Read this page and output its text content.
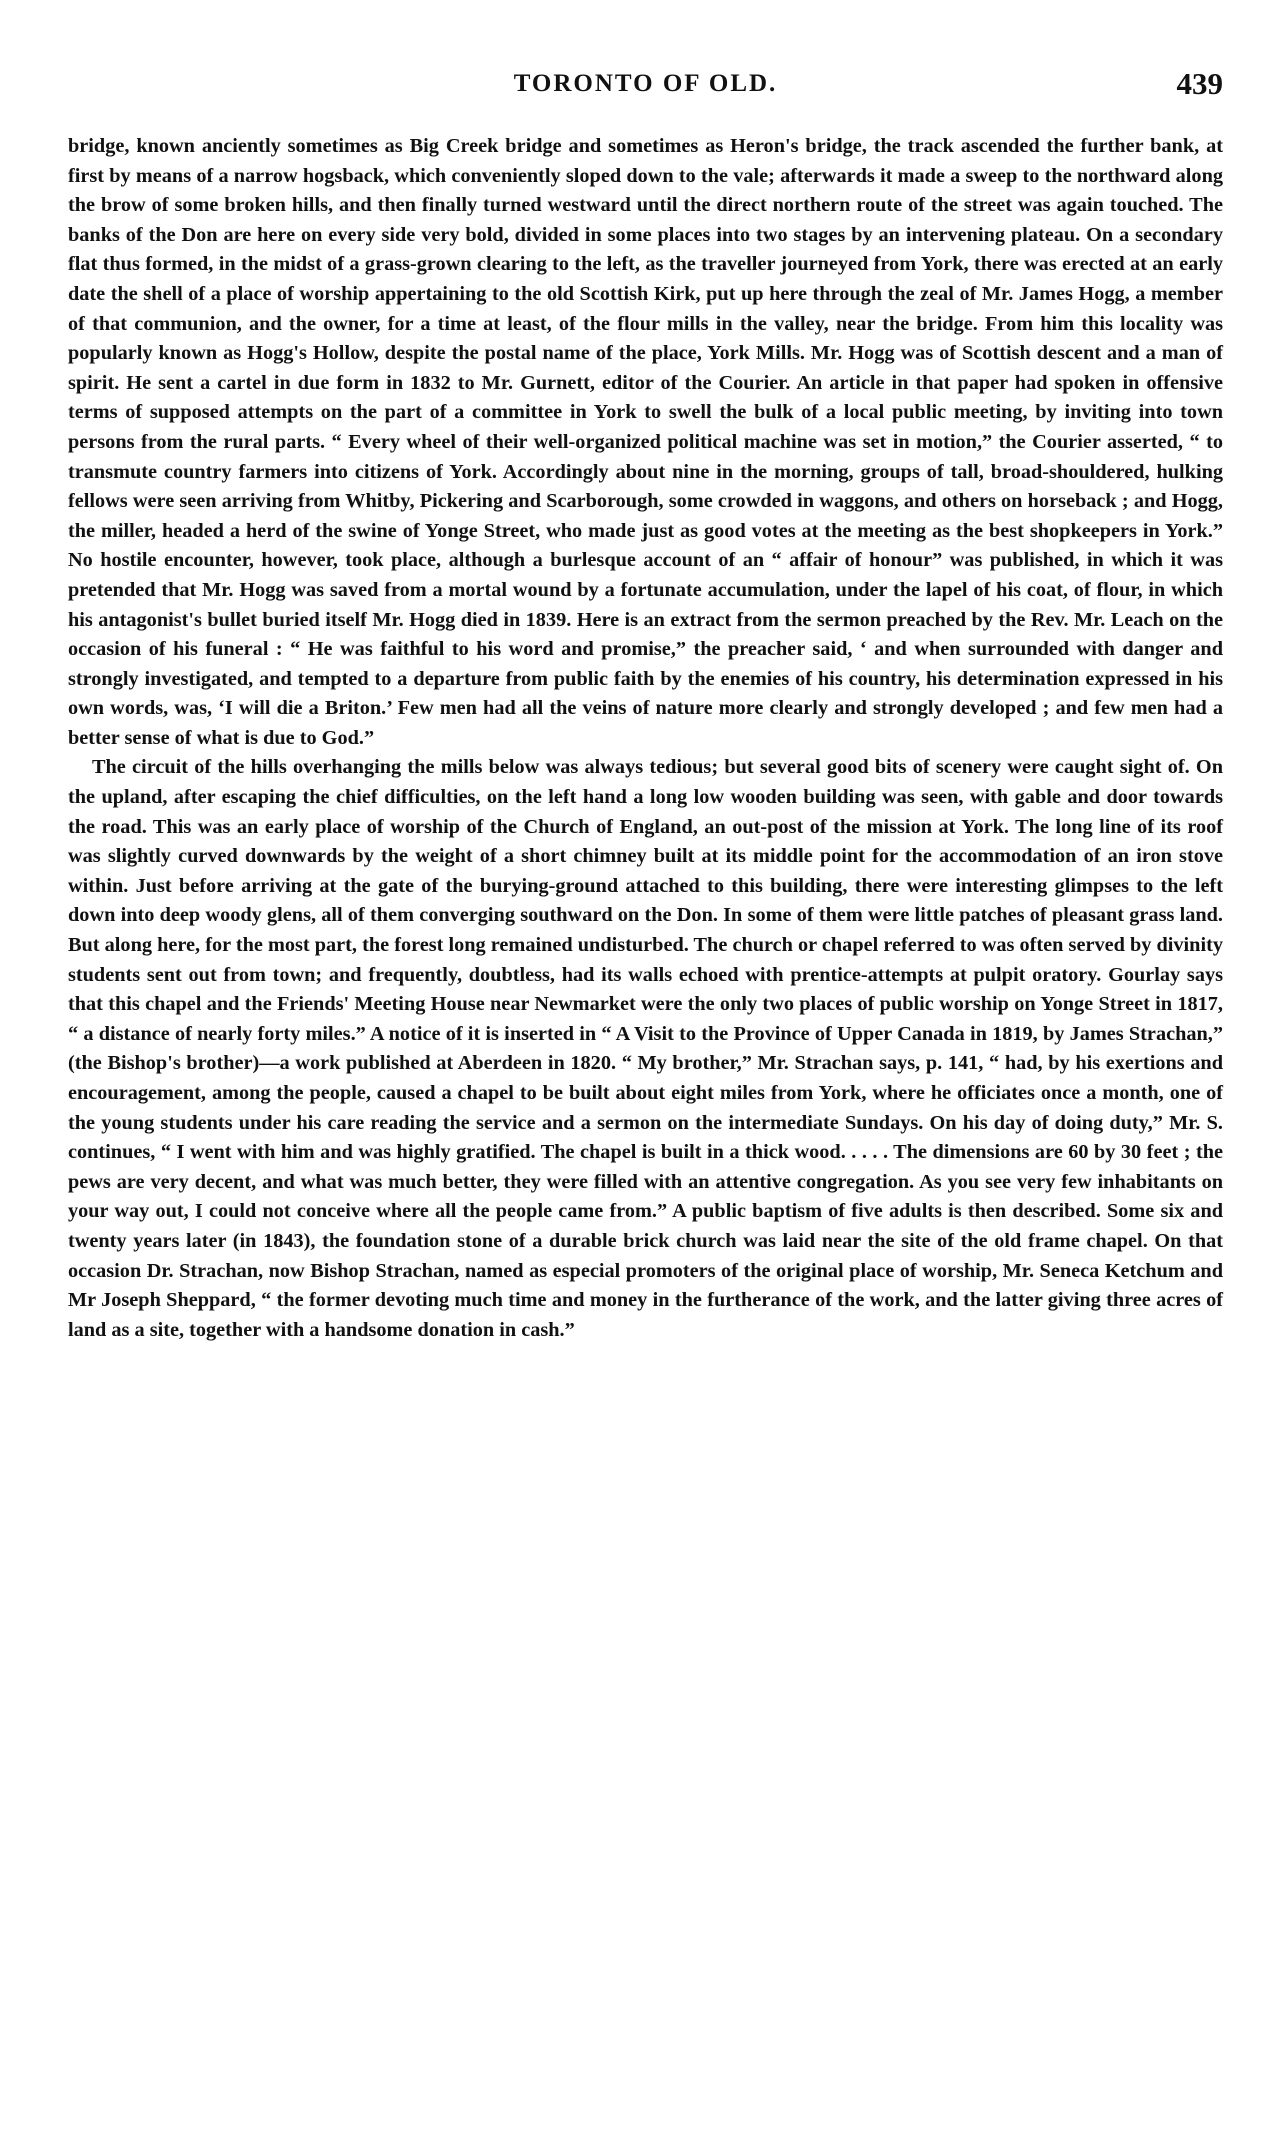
TORONTO OF OLD.	439

bridge, known anciently sometimes as Big Creek bridge and sometimes as Heron's bridge, the track ascended the further bank, at first by means of a narrow hogsback, which conveniently sloped down to the vale; afterwards it made a sweep to the northward along the brow of some broken hills, and then finally turned westward until the direct northern route of the street was again touched. The banks of the Don are here on every side very bold, divided in some places into two stages by an intervening plateau. On a secondary flat thus formed, in the midst of a grass-grown clearing to the left, as the traveller journeyed from York, there was erected at an early date the shell of a place of worship appertaining to the old Scottish Kirk, put up here through the zeal of Mr. James Hogg, a member of that communion, and the owner, for a time at least, of the flour mills in the valley, near the bridge. From him this locality was popularly known as Hogg's Hollow, despite the postal name of the place, York Mills. Mr. Hogg was of Scottish descent and a man of spirit. He sent a cartel in due form in 1832 to Mr. Gurnett, editor of the Courier. An article in that paper had spoken in offensive terms of supposed attempts on the part of a committee in York to swell the bulk of a local public meeting, by inviting into town persons from the rural parts. “ Every wheel of their well-organized political machine was set in motion,” the Courier asserted, “ to transmute country farmers into citizens of York. Accordingly about nine in the morning, groups of tall, broad-shouldered, hulking fellows were seen arriving from Whitby, Pickering and Scarborough, some crowded in waggons, and others on horseback ; and Hogg, the miller, headed a herd of the swine of Yonge Street, who made just as good votes at the meeting as the best shopkeepers in York.” No hostile encounter, however, took place, although a burlesque account of an “ affair of honour” was published, in which it was pretended that Mr. Hogg was saved from a mortal wound by a fortunate accumulation, under the lapel of his coat, of flour, in which his antagonist's bullet buried itself Mr. Hogg died in 1839. Here is an extract from the sermon preached by the Rev. Mr. Leach on the occasion of his funeral : “ He was faithful to his word and promise,” the preacher said, ‘ and when surrounded with danger and strongly investigated, and tempted to a departure from public faith by the enemies of his country, his determination expressed in his own words, was, ‘I will die a Briton.’ Few men had all the veins of nature more clearly and strongly developed ; and few men had a better sense of what is due to God.”

The circuit of the hills overhanging the mills below was always tedious; but several good bits of scenery were caught sight of. On the upland, after escaping the chief difficulties, on the left hand a long low wooden building was seen, with gable and door towards the road. This was an early place of worship of the Church of England, an out-post of the mission at York. The long line of its roof was slightly curved downwards by the weight of a short chimney built at its middle point for the accommodation of an iron stove within. Just before arriving at the gate of the burying-ground attached to this building, there were interesting glimpses to the left down into deep woody glens, all of them converging southward on the Don. In some of them were little patches of pleasant grass land. But along here, for the most part, the forest long remained undisturbed. The church or chapel referred to was often served by divinity students sent out from town; and frequently, doubtless, had its walls echoed with prentice-attempts at pulpit oratory. Gourlay says that this chapel and the Friends' Meeting House near Newmarket were the only two places of public worship on Yonge Street in 1817, “ a distance of nearly forty miles.” A notice of it is inserted in “ A Visit to the Province of Upper Canada in 1819, by James Strachan,” (the Bishop's brother)—a work published at Aberdeen in 1820. “ My brother,” Mr. Strachan says, p. 141, “ had, by his exertions and encouragement, among the people, caused a chapel to be built about eight miles from York, where he officiates once a month, one of the young students under his care reading the service and a sermon on the intermediate Sundays. On his day of doing duty,” Mr. S. continues, “ I went with him and was highly gratified. The chapel is built in a thick wood. . . . . The dimensions are 60 by 30 feet ; the pews are very decent, and what was much better, they were filled with an attentive congregation. As you see very few inhabitants on your way out, I could not conceive where all the people came from.” A public baptism of five adults is then described. Some six and twenty years later (in 1843), the foundation stone of a durable brick church was laid near the site of the old frame chapel. On that occasion Dr. Strachan, now Bishop Strachan, named as especial promoters of the original place of worship, Mr. Seneca Ketchum and Mr Joseph Sheppard, “ the former devoting much time and money in the furtherance of the work, and the latter giving three acres of land as a site, together with a handsome donation in cash.”
